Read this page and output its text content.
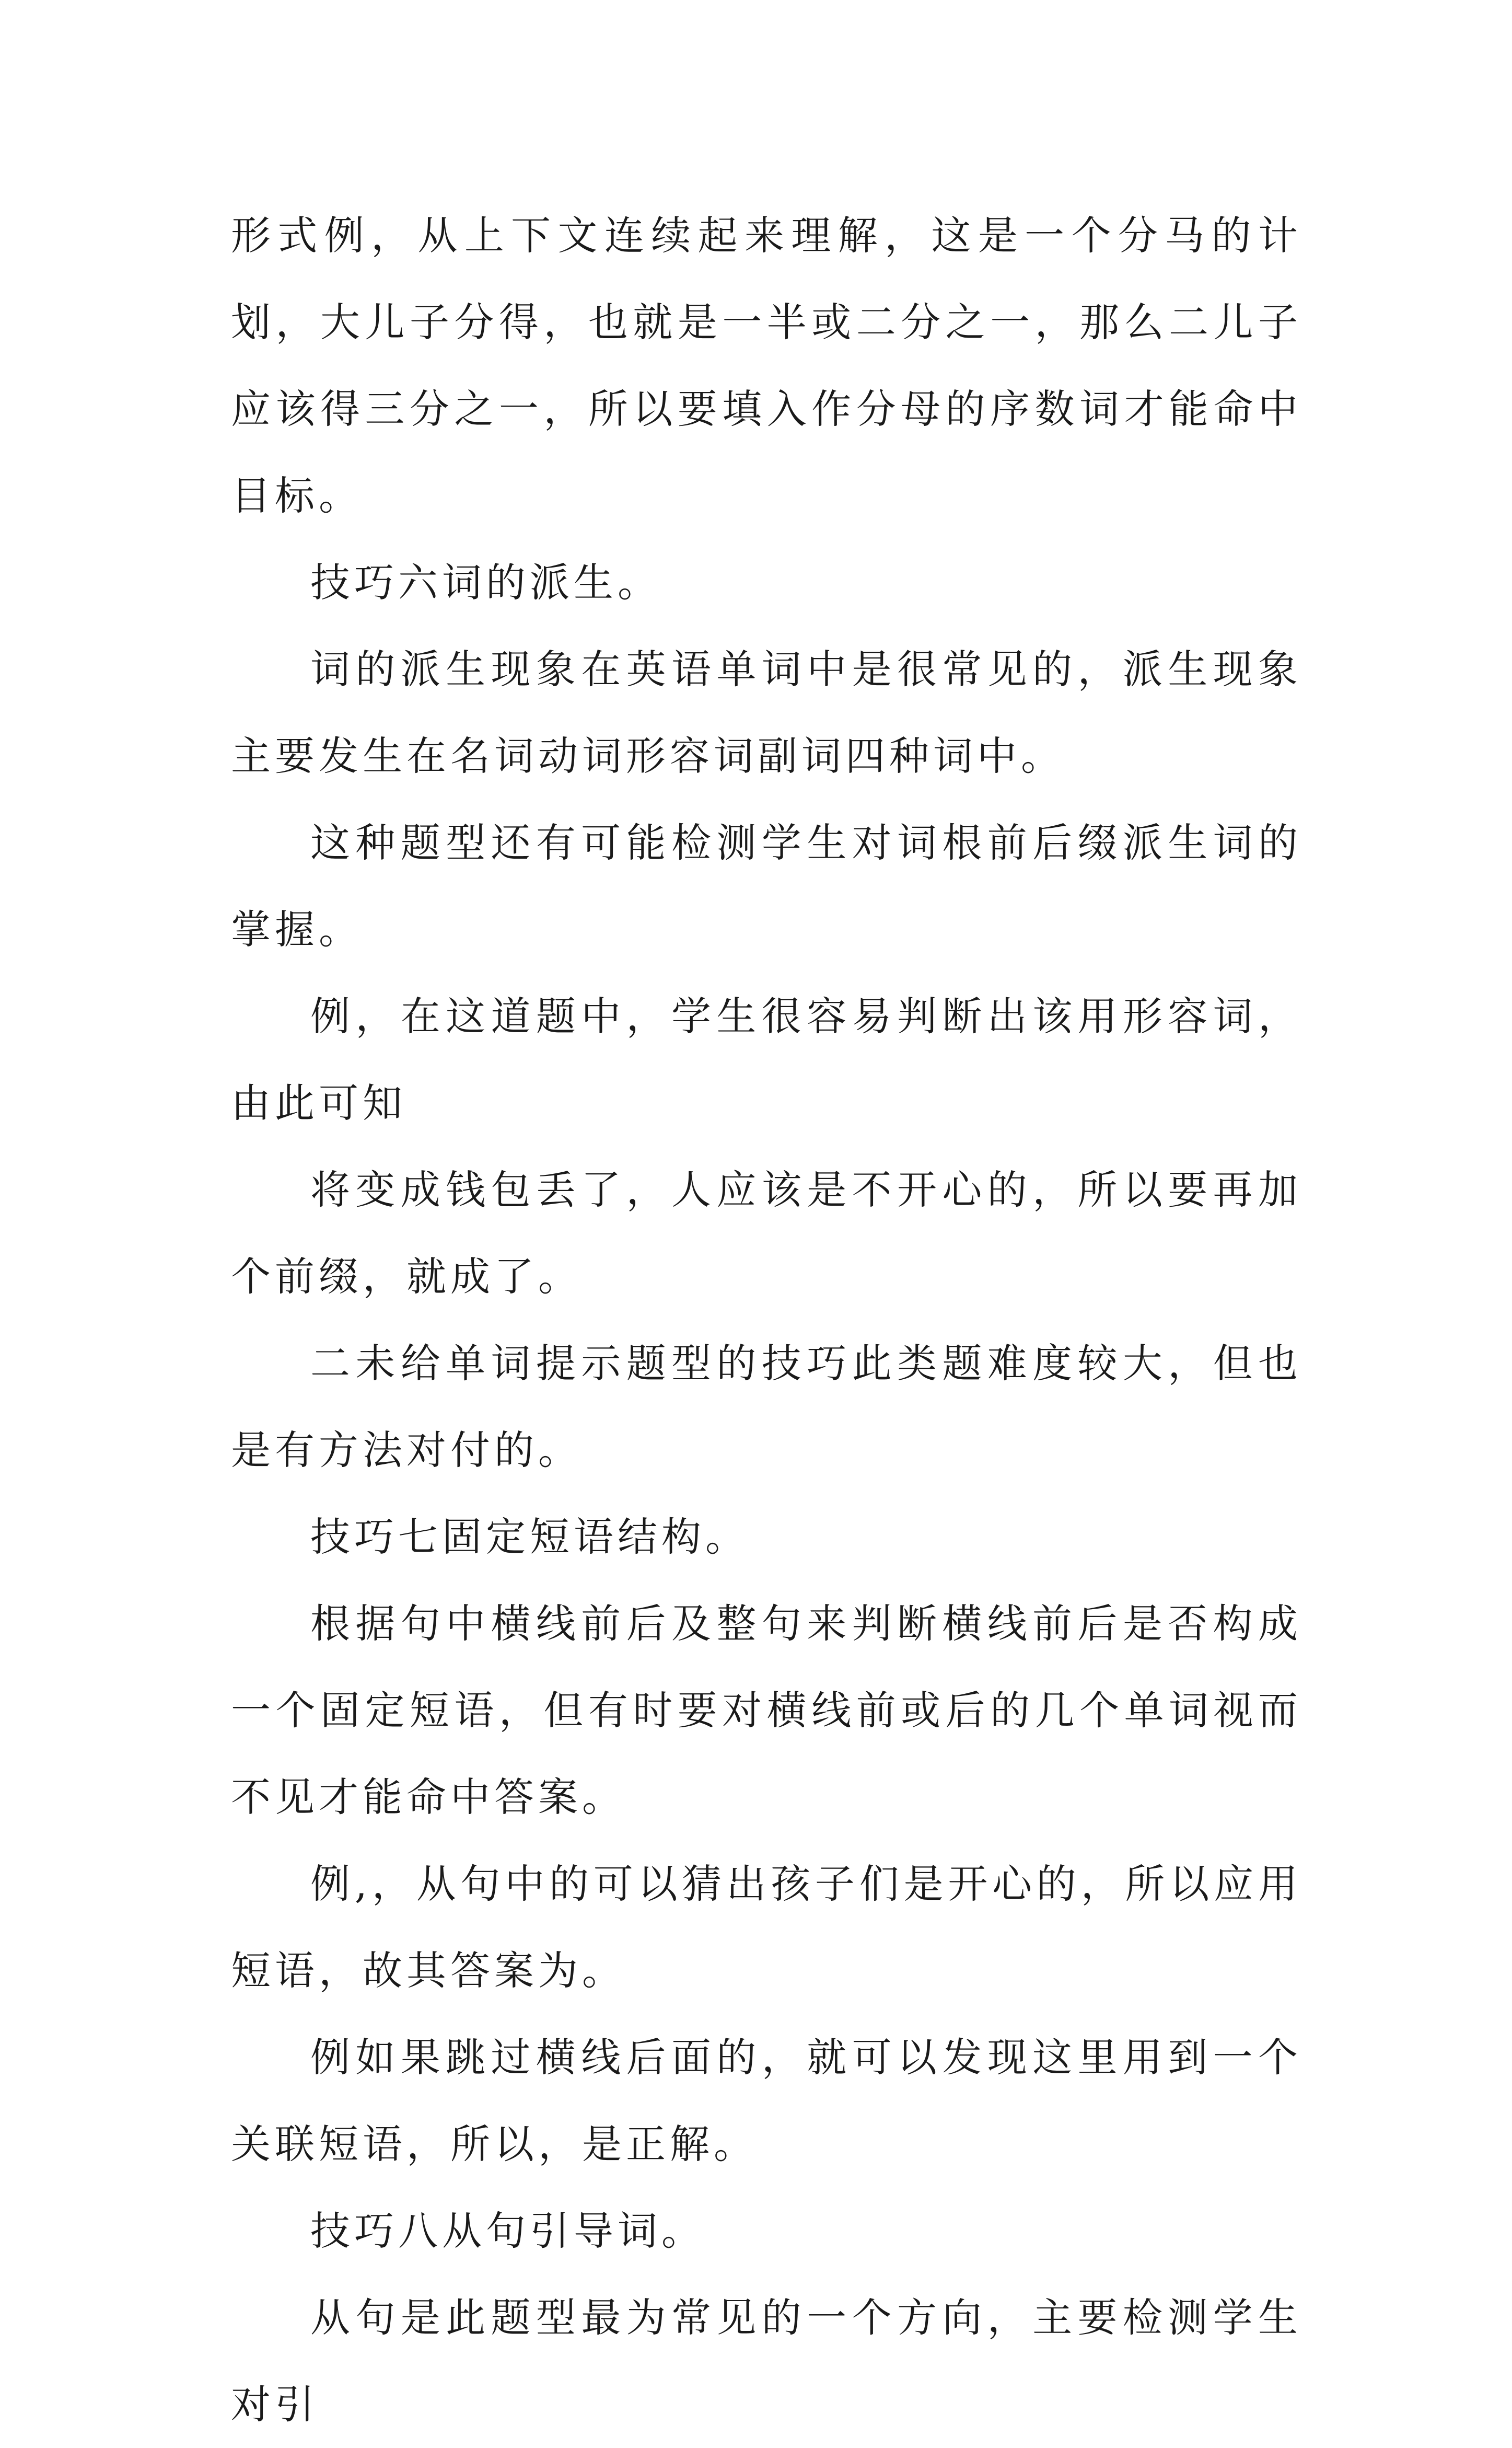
形式例，从上下文连续起来理解，这是一个分马的计划，大儿子分得，也就是一半或二分之一，那么二儿子应该得三分之一，所以要填入作分母的序数词才能命中目标。

技巧六词的派生。

词的派生现象在英语单词中是很常见的，派生现象主要发生在名词动词形容词副词四种词中。

这种题型还有可能检测学生对词根前后缀派生词的掌握。

例，在这道题中，学生很容易判断出该用形容词，由此可知

将变成钱包丢了，人应该是不开心的，所以要再加个前缀，就成了。

二未给单词提示题型的技巧此类题难度较大，但也是有方法对付的。

技巧七固定短语结构。

根据句中横线前后及整句来判断横线前后是否构成一个固定短语，但有时要对横线前或后的几个单词视而不见才能命中答案。

例,，从句中的可以猜出孩子们是开心的，所以应用短语，故其答案为。

例如果跳过横线后面的，就可以发现这里用到一个关联短语，所以，是正解。

技巧八从句引导词。

从句是此题型最为常见的一个方向，主要检测学生对引
